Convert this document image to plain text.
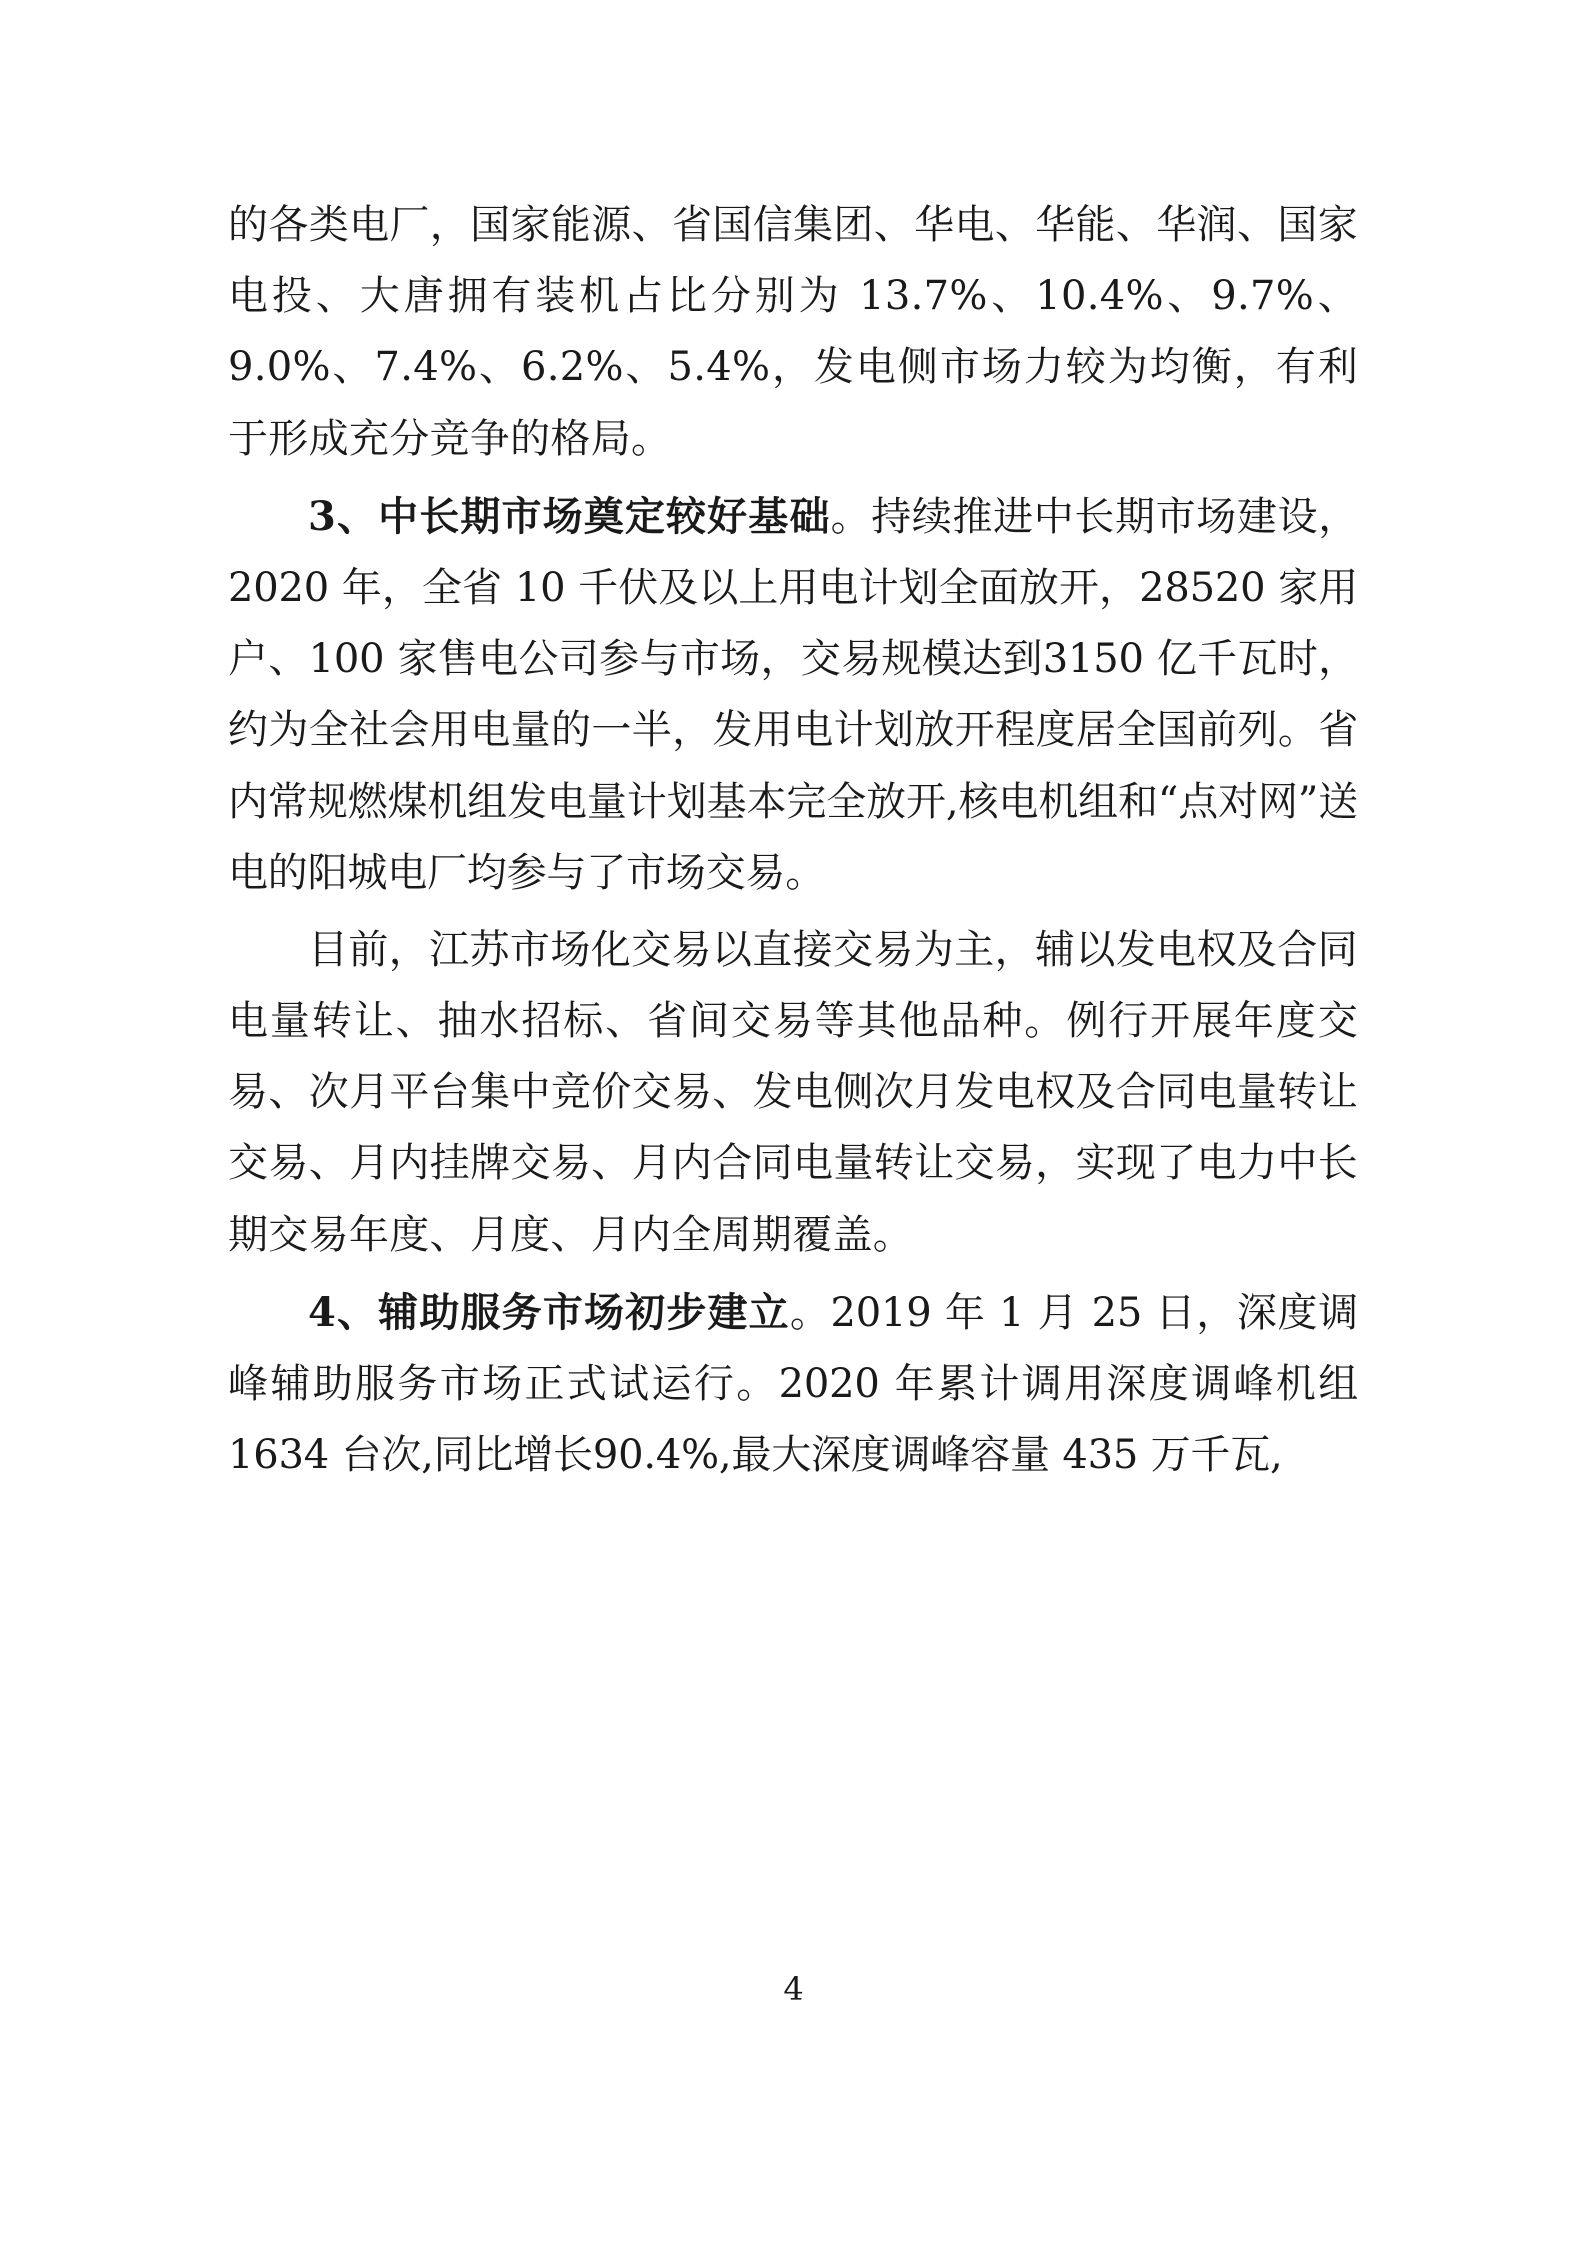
的各类电厂，国家能源、省国信集团、华电、华能、华润、国家电投、大唐拥有装机占比分别为 13.7%、10.4%、9.7%、9.0%、7.4%、6.2%、5.4%，发电侧市场力较为均衡，有利于形成充分竞争的格局。

3、中长期市场奠定较好基础。持续推进中长期市场建设，2020 年，全省 10 千伏及以上用电计划全面放开，28520 家用户、100 家售电公司参与市场，交易规模达到3150 亿千瓦时，约为全社会用电量的一半，发用电计划放开程度居全国前列。省内常规燃煤机组发电量计划基本完全放开,核电机组和“点对网”送电的阳城电厂均参与了市场交易。

目前，江苏市场化交易以直接交易为主，辅以发电权及合同电量转让、抽水招标、省间交易等其他品种。例行开展年度交易、次月平台集中竞价交易、发电侧次月发电权及合同电量转让交易、月内挂牌交易、月内合同电量转让交易，实现了电力中长期交易年度、月度、月内全周期覆盖。

4、辅助服务市场初步建立。2019 年 1 月 25 日，深度调峰辅助服务市场正式试运行。2020 年累计调用深度调峰机组 1634 台次,同比增长90.4%,最大深度调峰容量 435 万千瓦,

4
